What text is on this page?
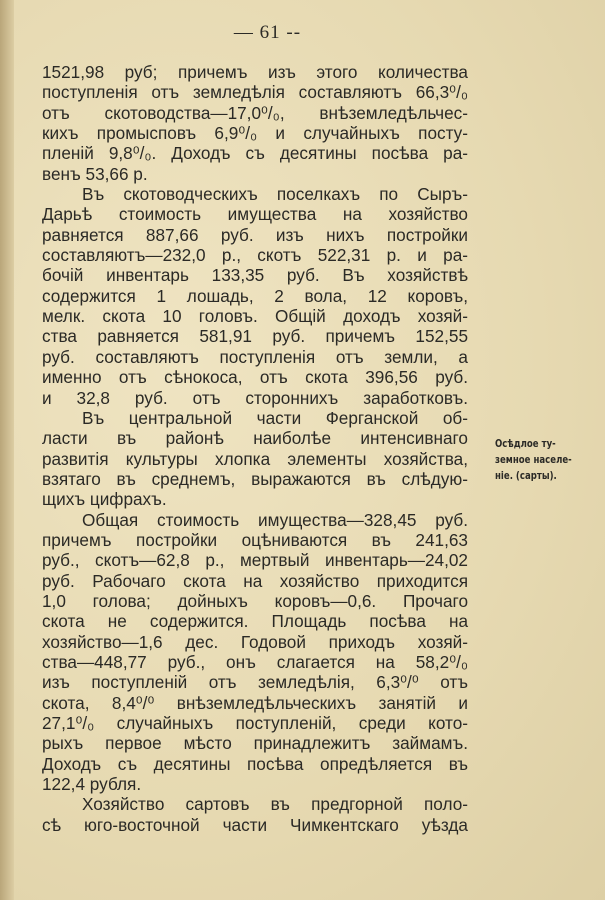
— 61 --
1521,98 руб; причемъ изъ этого количества
поступленія отъ земледѣлія составляютъ 66,3⁰/₀
отъ скотоводства—17,0⁰/₀, внѣземледѣльчес-
кихъ промысповъ 6,9⁰/₀ и случайныхъ посту-
пленій 9,8⁰/₀. Доходъ съ десятины посѣва ра-
венъ 53,66 р.
Въ скотоводческихъ поселкахъ по Сыръ-
Дарьѣ стоимость имущества на хозяйство
равняется 887,66 руб. изъ нихъ постройки
составляютъ—232,0 р., скотъ 522,31 р. и ра-
бочій инвентарь 133,35 руб. Въ хозяйствѣ
содержится 1 лошадь, 2 вола, 12 коровъ,
мелк. скота 10 головъ. Общій доходъ хозяй-
ства равняется 581,91 руб. причемъ 152,55
руб. составляютъ поступленія отъ земли, а
именно отъ сѣнокоса, отъ скота 396,56 руб.
и 32,8 руб. отъ стороннихъ заработковъ.
Въ центральной части Ферганской об-
ласти въ районѣ наиболѣе интенсивнаго
развитія культуры хлопка элементы хозяйства,
взятаго въ среднемъ, выражаются въ слѣдую-
щихъ цифрахъ.
Общая стоимость имущества—328,45 руб.
причемъ постройки оцѣниваются въ 241,63
руб., скотъ—62,8 р., мертвый инвентарь—24,02
руб. Рабочаго скота на хозяйство приходится
1,0 голова; дойныхъ коровъ—0,6. Прочаго
скота не содержится. Площадь посѣва на
хозяйство—1,6 дес. Годовой приходъ хозяй-
ства—448,77 руб., онъ слагается на 58,2⁰/₀
изъ поступленій отъ земледѣлія, 6,3⁰/⁰ отъ
скота, 8,4⁰/⁰ внѣземледѣльческихъ занятій и
27,1⁰/₀ случайныхъ поступленій, среди кото-
рыхъ первое мѣсто принадлежитъ займамъ.
Доходъ съ десятины посѣва опредѣляется въ
122,4 рубля.
Хозяйство сартовъ въ предгорной поло-
сѣ юго-восточной части Чимкентскаго уѣзда
Осѣдлое ту-
земное населе-
ніе. (сарты).
